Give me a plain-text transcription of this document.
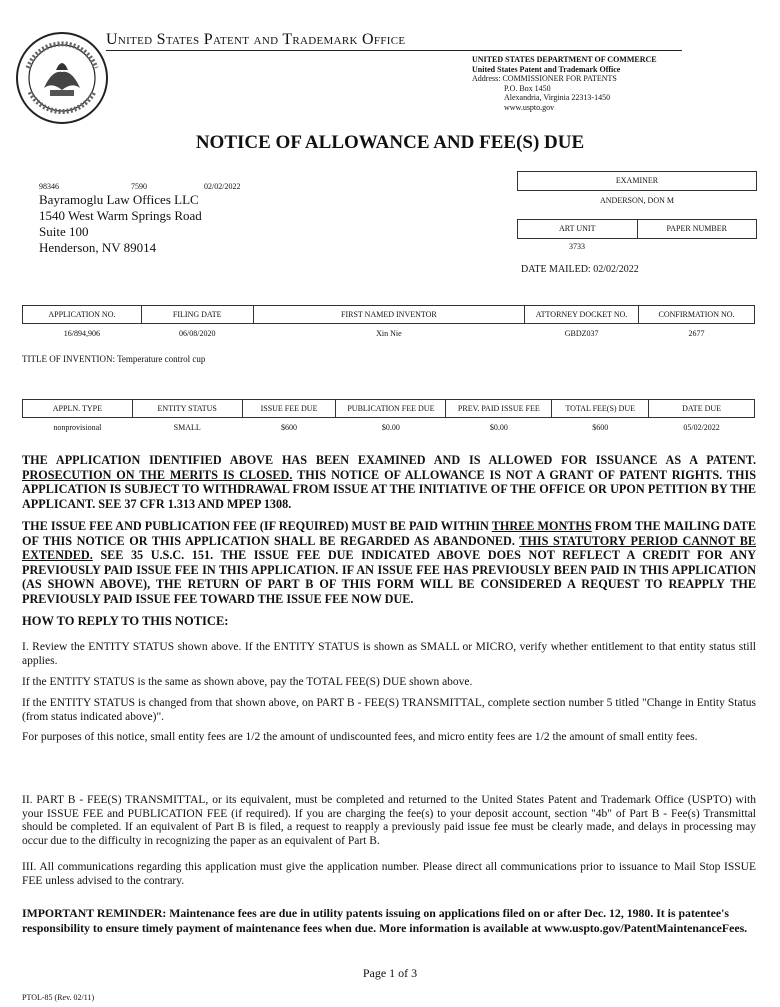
United States Patent and Trademark Office
UNITED STATES DEPARTMENT OF COMMERCE
United States Patent and Trademark Office
Address: COMMISSIONER FOR PATENTS
P.O. Box 1450
Alexandria, Virginia 22313-1450
www.uspto.gov
NOTICE OF ALLOWANCE AND FEE(S) DUE
98346	7590	02/02/2022
Bayramoglu Law Offices LLC
1540 West Warm Springs Road
Suite 100
Henderson, NV 89014
EXAMINER
ANDERSON, DON M
ART UNIT	PAPER NUMBER
3733
DATE MAILED: 02/02/2022
APPLICATION NO.	FILING DATE	FIRST NAMED INVENTOR	ATTORNEY DOCKET NO.	CONFIRMATION NO.
16/894,906	06/08/2020	Xin Nie	GBDZ037	2677
TITLE OF INVENTION: Temperature control cup
APPLN. TYPE	ENTITY STATUS	ISSUE FEE DUE	PUBLICATION FEE DUE	PREV. PAID ISSUE FEE	TOTAL FEE(S) DUE	DATE DUE
nonprovisional	SMALL	$600	$0.00	$0.00	$600	05/02/2022
THE APPLICATION IDENTIFIED ABOVE HAS BEEN EXAMINED AND IS ALLOWED FOR ISSUANCE AS A PATENT. PROSECUTION ON THE MERITS IS CLOSED. THIS NOTICE OF ALLOWANCE IS NOT A GRANT OF PATENT RIGHTS. THIS APPLICATION IS SUBJECT TO WITHDRAWAL FROM ISSUE AT THE INITIATIVE OF THE OFFICE OR UPON PETITION BY THE APPLICANT. SEE 37 CFR 1.313 AND MPEP 1308.
THE ISSUE FEE AND PUBLICATION FEE (IF REQUIRED) MUST BE PAID WITHIN THREE MONTHS FROM THE MAILING DATE OF THIS NOTICE OR THIS APPLICATION SHALL BE REGARDED AS ABANDONED. THIS STATUTORY PERIOD CANNOT BE EXTENDED. SEE 35 U.S.C. 151. THE ISSUE FEE DUE INDICATED ABOVE DOES NOT REFLECT A CREDIT FOR ANY PREVIOUSLY PAID ISSUE FEE IN THIS APPLICATION. IF AN ISSUE FEE HAS PREVIOUSLY BEEN PAID IN THIS APPLICATION (AS SHOWN ABOVE), THE RETURN OF PART B OF THIS FORM WILL BE CONSIDERED A REQUEST TO REAPPLY THE PREVIOUSLY PAID ISSUE FEE TOWARD THE ISSUE FEE NOW DUE.
HOW TO REPLY TO THIS NOTICE:
I. Review the ENTITY STATUS shown above. If the ENTITY STATUS is shown as SMALL or MICRO, verify whether entitlement to that entity status still applies.
If the ENTITY STATUS is the same as shown above, pay the TOTAL FEE(S) DUE shown above.
If the ENTITY STATUS is changed from that shown above, on PART B - FEE(S) TRANSMITTAL, complete section number 5 titled "Change in Entity Status (from status indicated above)".
For purposes of this notice, small entity fees are 1/2 the amount of undiscounted fees, and micro entity fees are 1/2 the amount of small entity fees.
II. PART B - FEE(S) TRANSMITTAL, or its equivalent, must be completed and returned to the United States Patent and Trademark Office (USPTO) with your ISSUE FEE and PUBLICATION FEE (if required). If you are charging the fee(s) to your deposit account, section "4b" of Part B - Fee(s) Transmittal should be completed. If an equivalent of Part B is filed, a request to reapply a previously paid issue fee must be clearly made, and delays in processing may occur due to the difficulty in recognizing the paper as an equivalent of Part B.
III. All communications regarding this application must give the application number. Please direct all communications prior to issuance to Mail Stop ISSUE FEE unless advised to the contrary.
IMPORTANT REMINDER: Maintenance fees are due in utility patents issuing on applications filed on or after Dec. 12, 1980. It is patentee's responsibility to ensure timely payment of maintenance fees when due. More information is available at www.uspto.gov/PatentMaintenanceFees.
Page 1 of 3
PTOL-85 (Rev. 02/11)
